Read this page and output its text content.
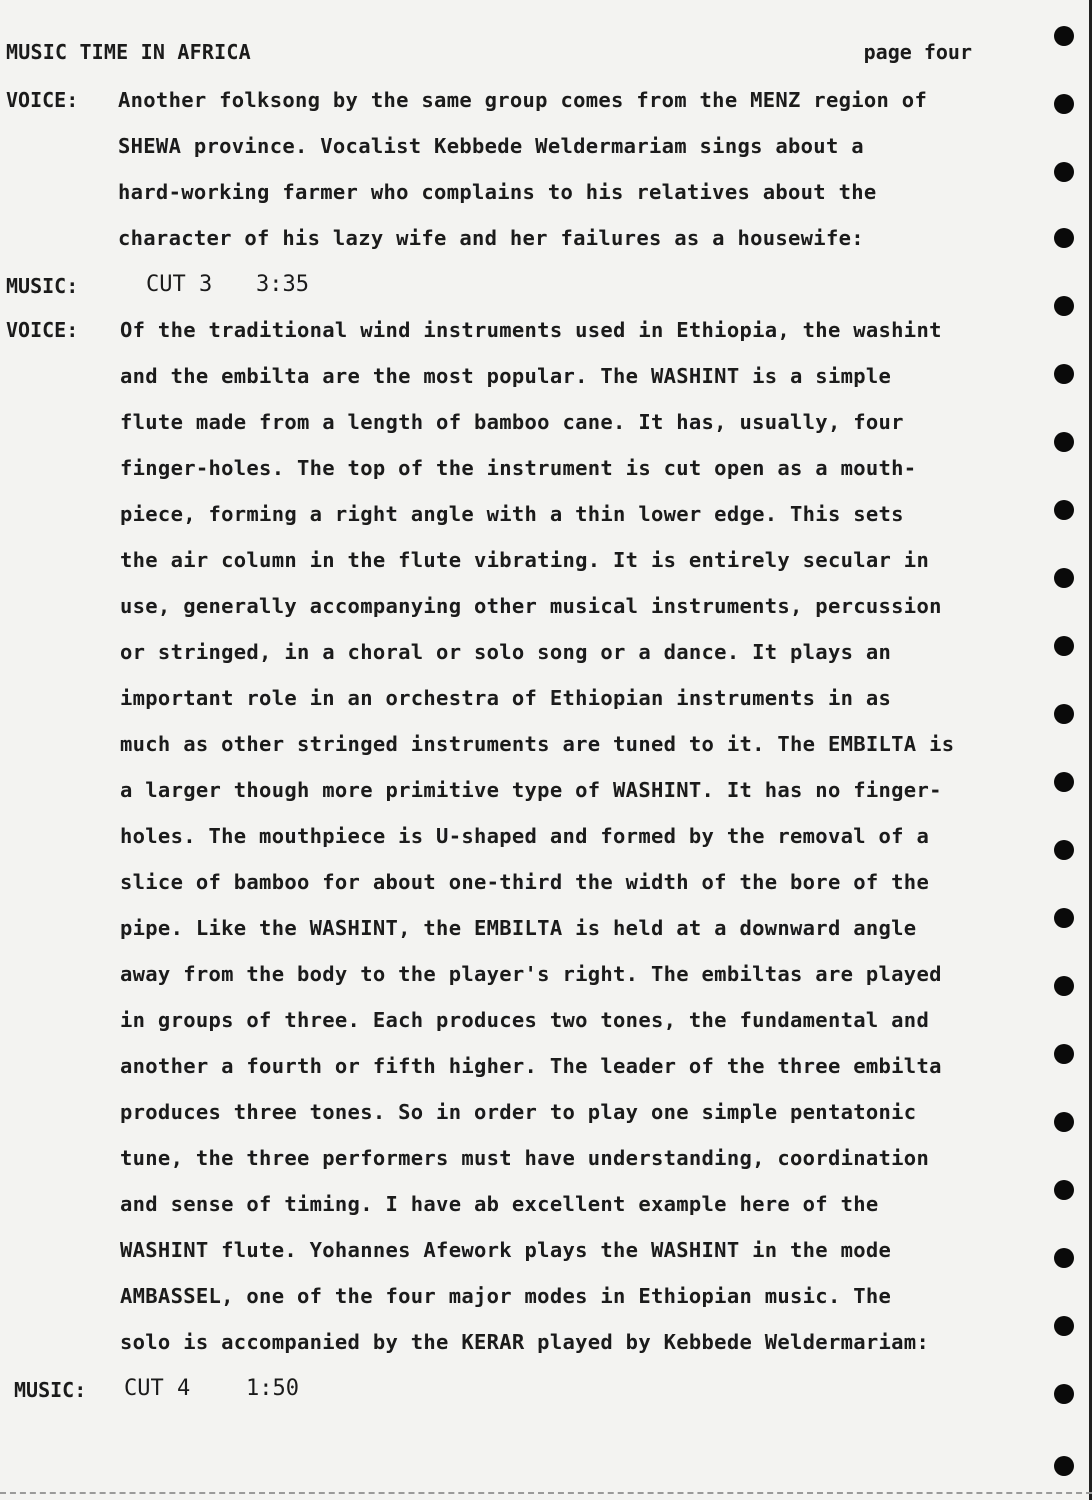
MUSIC TIME IN AFRICA	page four
VOICE: Another folksong by the same group comes from the MENZ region of
SHEWA province. Vocalist Kebbede Weldermariam sings about a
hard-working farmer who complains to his relatives about the
character of his lazy wife and her failures as a housewife:
MUSIC:	CUT 3 3:35
VOICE: Of the traditional wind instruments used in Ethiopia, the washint
and the embilta are the most popular. The WASHINT is a simple
flute made from a length of bamboo cane. It has, usually, four
finger-holes. The top of the instrument is cut open as a mouth-
piece, forming a right angle with a thin lower edge. This sets
the air column in the flute vibrating. It is entirely secular in
use, generally accompanying other musical instruments, percussion
or stringed, in a choral or solo song or a dance. It plays an
important role in an orchestra of Ethiopian instruments in as
much as other stringed instruments are tuned to it. The EMBILTA is
a larger though more primitive type of WASHINT. It has no finger-
holes. The mouthpiece is U-shaped and formed by the removal of a
slice of bamboo for about one-third the width of the bore of the
pipe. Like the WASHINT, the EMBILTA is held at a downward angle
away from the body to the player's right. The embiltas are played
in groups of three. Each produces two tones, the fundamental and
another a fourth or fifth higher. The leader of the three embilta
produces three tones. So in order to play one simple pentatonic
tune, the three performers must have understanding, coordination
and sense of timing. I have ab excellent example here of the
WASHINT flute. Yohannes Afework plays the WASHINT in the mode
AMBASSEL, one of the four major modes in Ethiopian music. The
solo is accompanied by the KERAR played by Kebbede Weldermariam:
MUSIC: CUT 4	1:50
